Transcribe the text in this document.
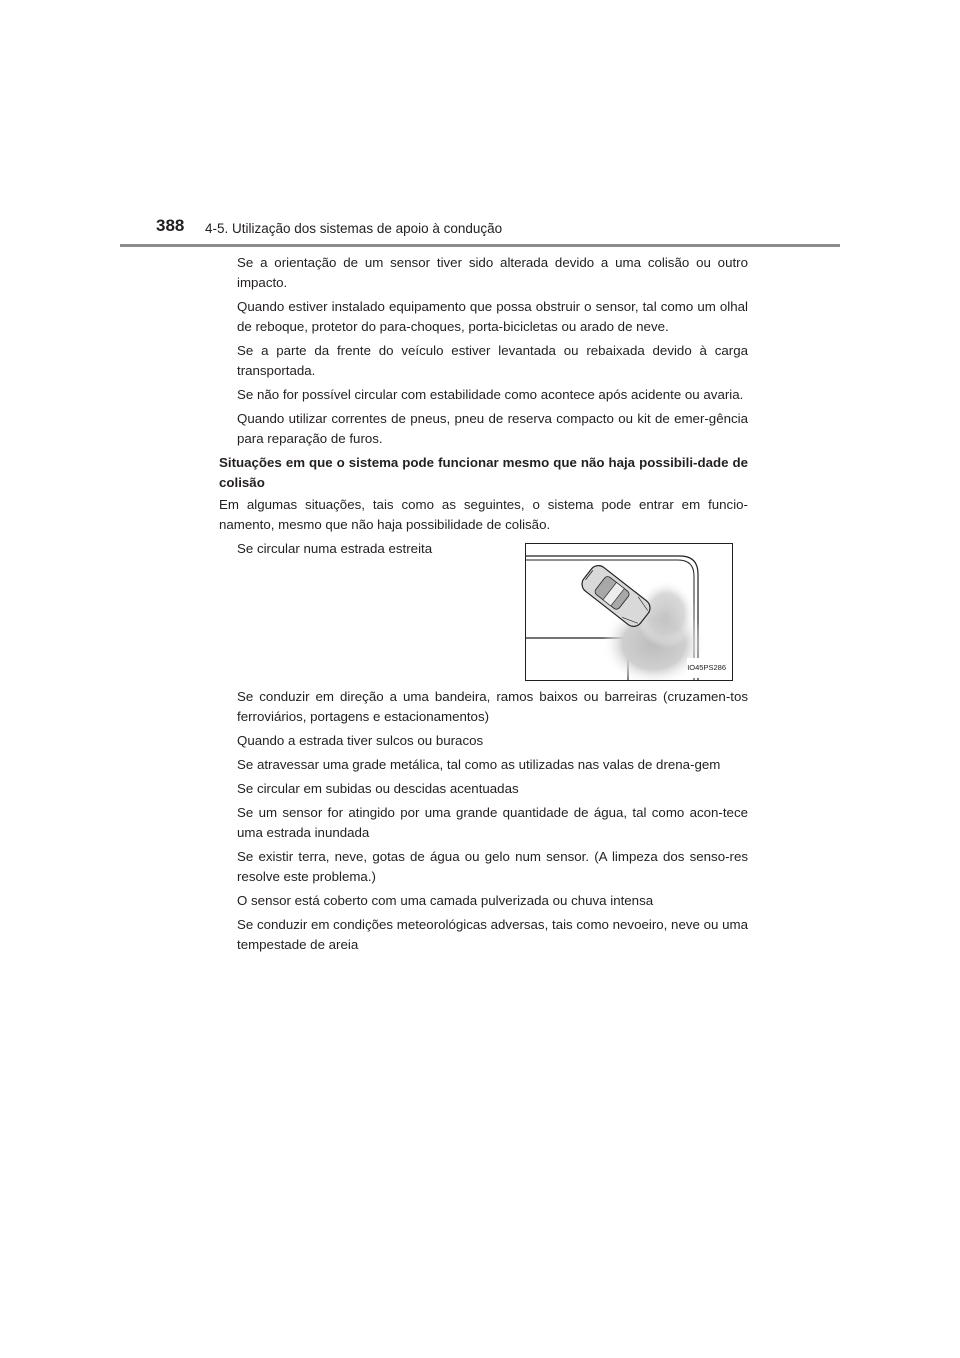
388 4-5. Utilização dos sistemas de apoio à condução
Se a orientação de um sensor tiver sido alterada devido a uma colisão ou outro impacto.
Quando estiver instalado equipamento que possa obstruir o sensor, tal como um olhal de reboque, protetor do para-choques, porta-bicicletas ou arado de neve.
Se a parte da frente do veículo estiver levantada ou rebaixada devido à carga transportada.
Se não for possível circular com estabilidade como acontece após acidente ou avaria.
Quando utilizar correntes de pneus, pneu de reserva compacto ou kit de emer-gência para reparação de furos.
Situações em que o sistema pode funcionar mesmo que não haja possibili-dade de colisão
Em algumas situações, tais como as seguintes, o sistema pode entrar em funcio-namento, mesmo que não haja possibilidade de colisão.
Se circular numa estrada estreita
IO45PS286
Se conduzir em direção a uma bandeira, ramos baixos ou barreiras (cruzamen-tos ferroviários, portagens e estacionamentos)
Quando a estrada tiver sulcos ou buracos
Se atravessar uma grade metálica, tal como as utilizadas nas valas de drena-gem
Se circular em subidas ou descidas acentuadas
Se um sensor for atingido por uma grande quantidade de água, tal como acon-tece uma estrada inundada
Se existir terra, neve, gotas de água ou gelo num sensor. (A limpeza dos senso-res resolve este problema.)
O sensor está coberto com uma camada pulverizada ou chuva intensa
Se conduzir em condições meteorológicas adversas, tais como nevoeiro, neve ou uma tempestade de areia
